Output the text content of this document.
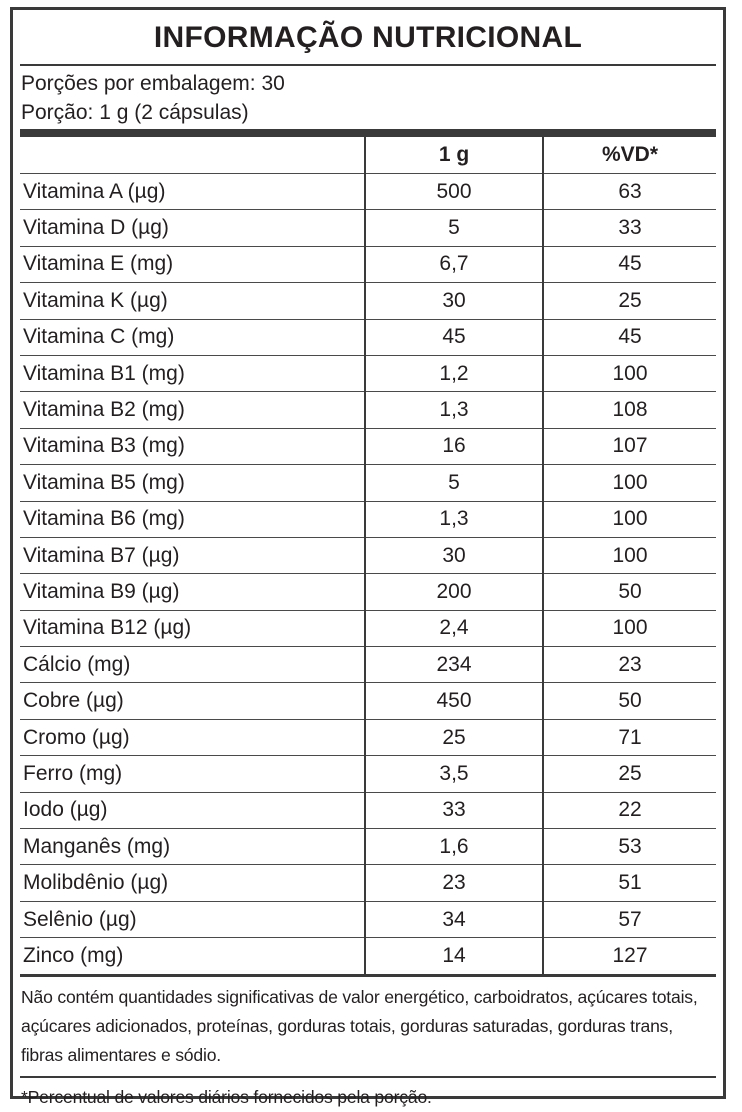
INFORMAÇÃO NUTRICIONAL
Porções por embalagem: 30
Porção: 1 g (2 cápsulas)
	1 g	%VD*
Vitamina A (µg)	500	63
Vitamina D (µg)	5	33
Vitamina E (mg)	6,7	45
Vitamina K (µg)	30	25
Vitamina C (mg)	45	45
Vitamina B1 (mg)	1,2	100
Vitamina B2 (mg)	1,3	108
Vitamina B3 (mg)	16	107
Vitamina B5 (mg)	5	100
Vitamina B6 (mg)	1,3	100
Vitamina B7 (µg)	30	100
Vitamina B9 (µg)	200	50
Vitamina B12 (µg)	2,4	100
Cálcio (mg)	234	23
Cobre (µg)	450	50
Cromo (µg)	25	71
Ferro (mg)	3,5	25
Iodo (µg)	33	22
Manganês (mg)	1,6	53
Molibdênio (µg)	23	51
Selênio (µg)	34	57
Zinco (mg)	14	127
Não contém quantidades significativas de valor energético, carboidratos, açúcares totais, açúcares adicionados, proteínas, gorduras totais, gorduras saturadas, gorduras trans, fibras alimentares e sódio.
*Percentual de valores diários fornecidos pela porção.
